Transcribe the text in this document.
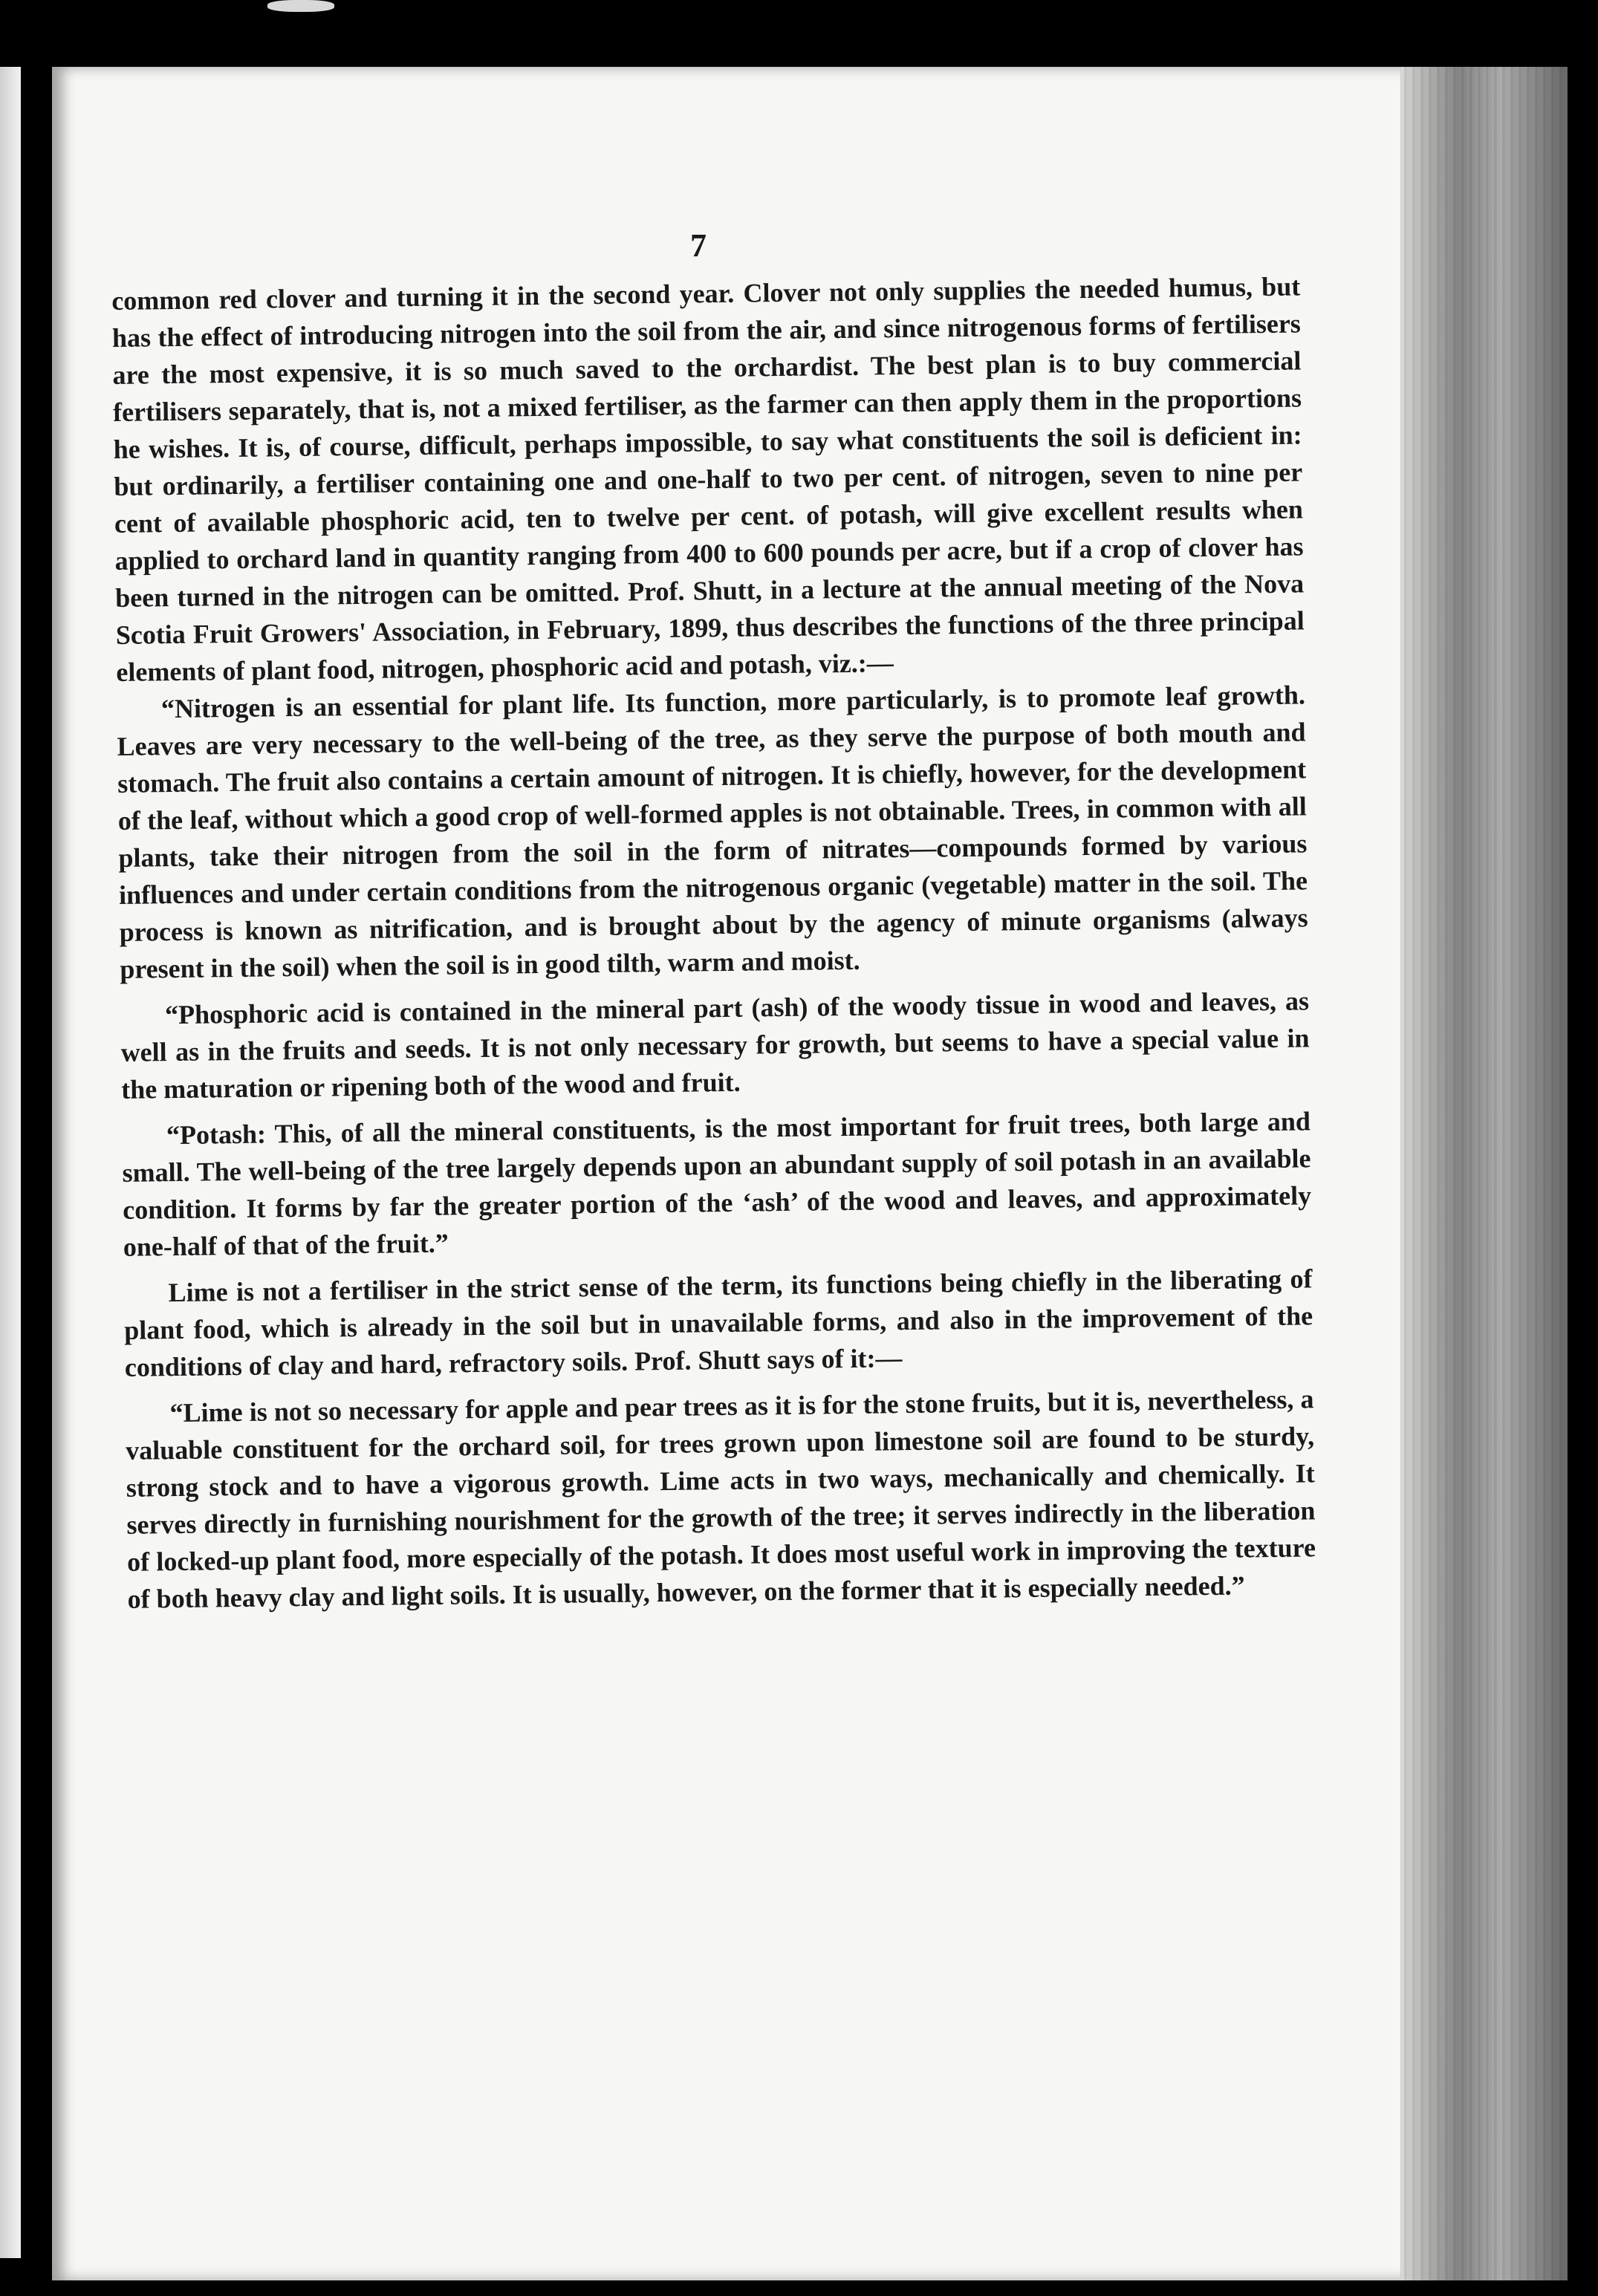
7

common red clover and turning it in the second year. Clover not only supplies the needed humus, but has the effect of introducing nitrogen into the soil from the air, and since nitrogenous forms of fertilisers are the most expensive, it is so much saved to the orchardist. The best plan is to buy commercial fertilisers separately, that is, not a mixed fertiliser, as the farmer can then apply them in the proportions he wishes. It is, of course, difficult, perhaps impossible, to say what constituents the soil is deficient in: but ordinarily, a fertiliser containing one and one-half to two per cent. of nitrogen, seven to nine per cent of available phosphoric acid, ten to twelve per cent. of potash, will give excellent results when applied to orchard land in quantity ranging from 400 to 600 pounds per acre, but if a crop of clover has been turned in the nitrogen can be omitted. Prof. Shutt, in a lecture at the annual meeting of the Nova Scotia Fruit Growers' Association, in February, 1899, thus describes the functions of the three principal elements of plant food, nitrogen, phosphoric acid and potash, viz.:—

“Nitrogen is an essential for plant life. Its function, more particularly, is to promote leaf growth. Leaves are very necessary to the well-being of the tree, as they serve the purpose of both mouth and stomach. The fruit also contains a certain amount of nitrogen. It is chiefly, however, for the development of the leaf, without which a good crop of well-formed apples is not obtainable. Trees, in common with all plants, take their nitrogen from the soil in the form of nitrates—compounds formed by various influences and under certain conditions from the nitrogenous organic (vegetable) matter in the soil. The process is known as nitrification, and is brought about by the agency of minute organisms (always present in the soil) when the soil is in good tilth, warm and moist.

“Phosphoric acid is contained in the mineral part (ash) of the woody tissue in wood and leaves, as well as in the fruits and seeds. It is not only necessary for growth, but seems to have a special value in the maturation or ripening both of the wood and fruit.

“Potash: This, of all the mineral constituents, is the most important for fruit trees, both large and small. The well-being of the tree largely depends upon an abundant supply of soil potash in an available condition. It forms by far the greater portion of the ‘ash’ of the wood and leaves, and approximately one-half of that of the fruit.”

Lime is not a fertiliser in the strict sense of the term, its functions being chiefly in the liberating of plant food, which is already in the soil but in unavailable forms, and also in the improvement of the conditions of clay and hard, refractory soils. Prof. Shutt says of it:—

“Lime is not so necessary for apple and pear trees as it is for the stone fruits, but it is, nevertheless, a valuable constituent for the orchard soil, for trees grown upon limestone soil are found to be sturdy, strong stock and to have a vigorous growth. Lime acts in two ways, mechanically and chemically. It serves directly in furnishing nourishment for the growth of the tree; it serves indirectly in the liberation of locked-up plant food, more especially of the potash. It does most useful work in improving the texture of both heavy clay and light soils. It is usually, however, on the former that it is especially needed.”
